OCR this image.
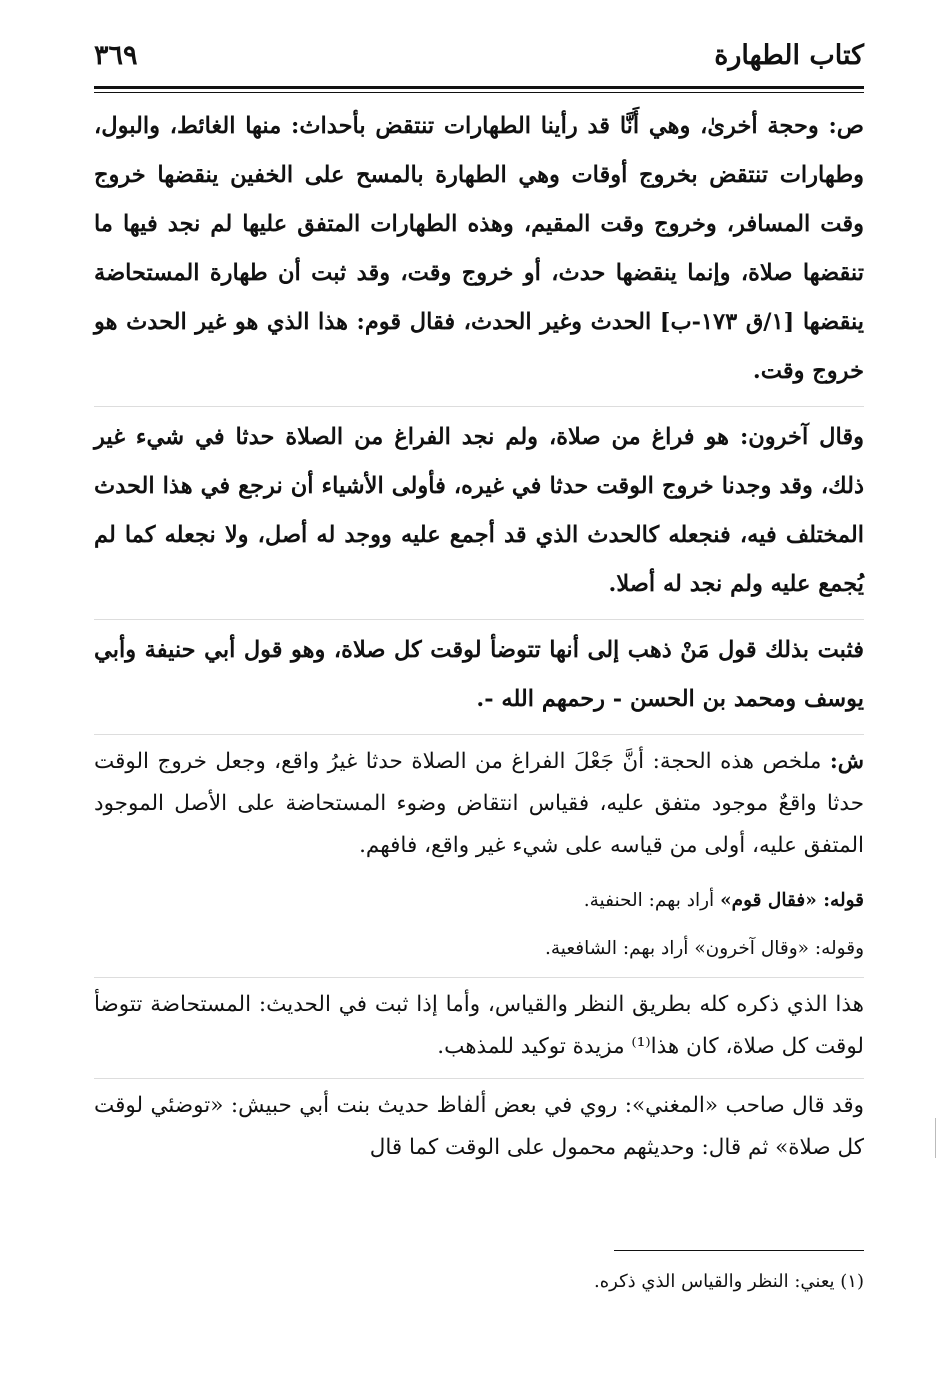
كتاب الطهارة
٣٦٩

ص: وحجة أخرىٰ، وهي أَنَّا قد رأينا الطهارات تنتقض بأحداث: منها الغائط، والبول، وطهارات تنتقض بخروج أوقات وهي الطهارة بالمسح على الخفين ينقضها خروج وقت المسافر، وخروج وقت المقيم، وهذه الطهارات المتفق عليها لم نجد فيها ما تنقضها صلاة، وإنما ينقضها حدث، أو خروج وقت، وقد ثبت أن طهارة المستحاضة ينقضها [١/ق ١٧٣-ب] الحدث وغير الحدث، فقال قوم: هذا الذي هو غير الحدث هو خروج وقت.

وقال آخرون: هو فراغ من صلاة، ولم نجد الفراغ من الصلاة حدثا في شيء غير ذلك، وقد وجدنا خروج الوقت حدثا في غيره، فأولى الأشياء أن نرجع في هذا الحدث المختلف فيه، فنجعله كالحدث الذي قد أجمع عليه ووجد له أصل، ولا نجعله كما لم يُجمع عليه ولم نجد له أصلا.

فثبت بذلك قول مَنْ ذهب إلى أنها تتوضأ لوقت كل صلاة، وهو قول أبي حنيفة وأبي يوسف ومحمد بن الحسن - رحمهم الله -.

ش: ملخص هذه الحجة: أنَّ جَعْلَ الفراغ من الصلاة حدثا غيرُ واقع، وجعل خروج الوقت حدثا واقعٌ موجود متفق عليه، فقياس انتقاض وضوء المستحاضة على الأصل الموجود المتفق عليه، أولى من قياسه على شيء غير واقع، فافهم.

قوله: «فقال قوم» أراد بهم: الحنفية.

وقوله: «وقال آخرون» أراد بهم: الشافعية.

هذا الذي ذكره كله بطريق النظر والقياس، وأما إذا ثبت في الحديث: المستحاضة تتوضأ لوقت كل صلاة، كان هذا⁽¹⁾ مزيدة توكيد للمذهب.

وقد قال صاحب «المغني»: روي في بعض ألفاظ حديث بنت أبي حبيش: «توضئي لوقت كل صلاة» ثم قال: وحديثهم محمول على الوقت كما قال

(١) يعني: النظر والقياس الذي ذكره.
